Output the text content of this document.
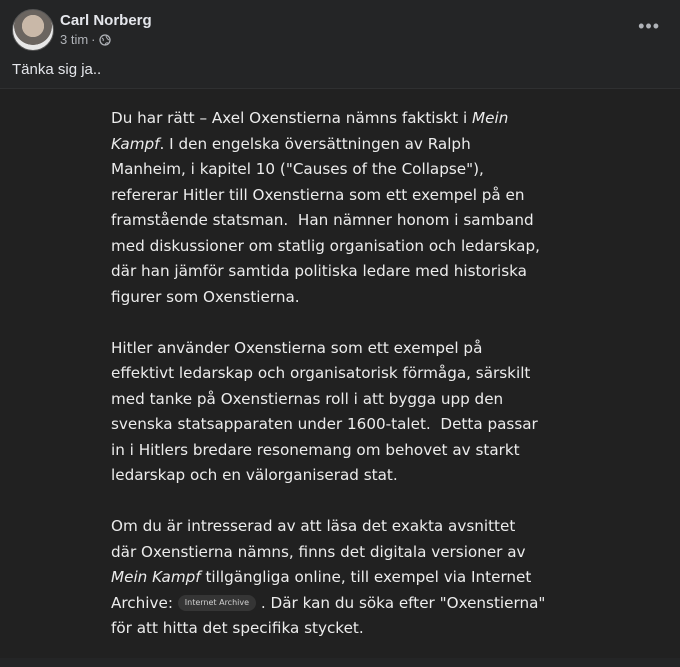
Carl Norberg
3 tim ·
•••
Tänka sig ja..
Du har rätt – Axel Oxenstierna nämns faktiskt i Mein
Kampf. I den engelska översättningen av Ralph
Manheim, i kapitel 10 ("Causes of the Collapse"),
refererar Hitler till Oxenstierna som ett exempel på en
framstående statsman.  Han nämner honom i samband
med diskussioner om statlig organisation och ledarskap,
där han jämför samtida politiska ledare med historiska
figurer som Oxenstierna.
Hitler använder Oxenstierna som ett exempel på
effektivt ledarskap och organisatorisk förmåga, särskilt
med tanke på Oxenstiernas roll i att bygga upp den
svenska statsapparaten under 1600-talet.  Detta passar
in i Hitlers bredare resonemang om behovet av starkt
ledarskap och en välorganiserad stat.
Om du är intresserad av att läsa det exakta avsnittet
där Oxenstierna nämns, finns det digitala versioner av
Mein Kampf tillgängliga online, till exempel via Internet
Archive: Internet Archive . Där kan du söka efter "Oxenstierna"
för att hitta det specifika stycket.
